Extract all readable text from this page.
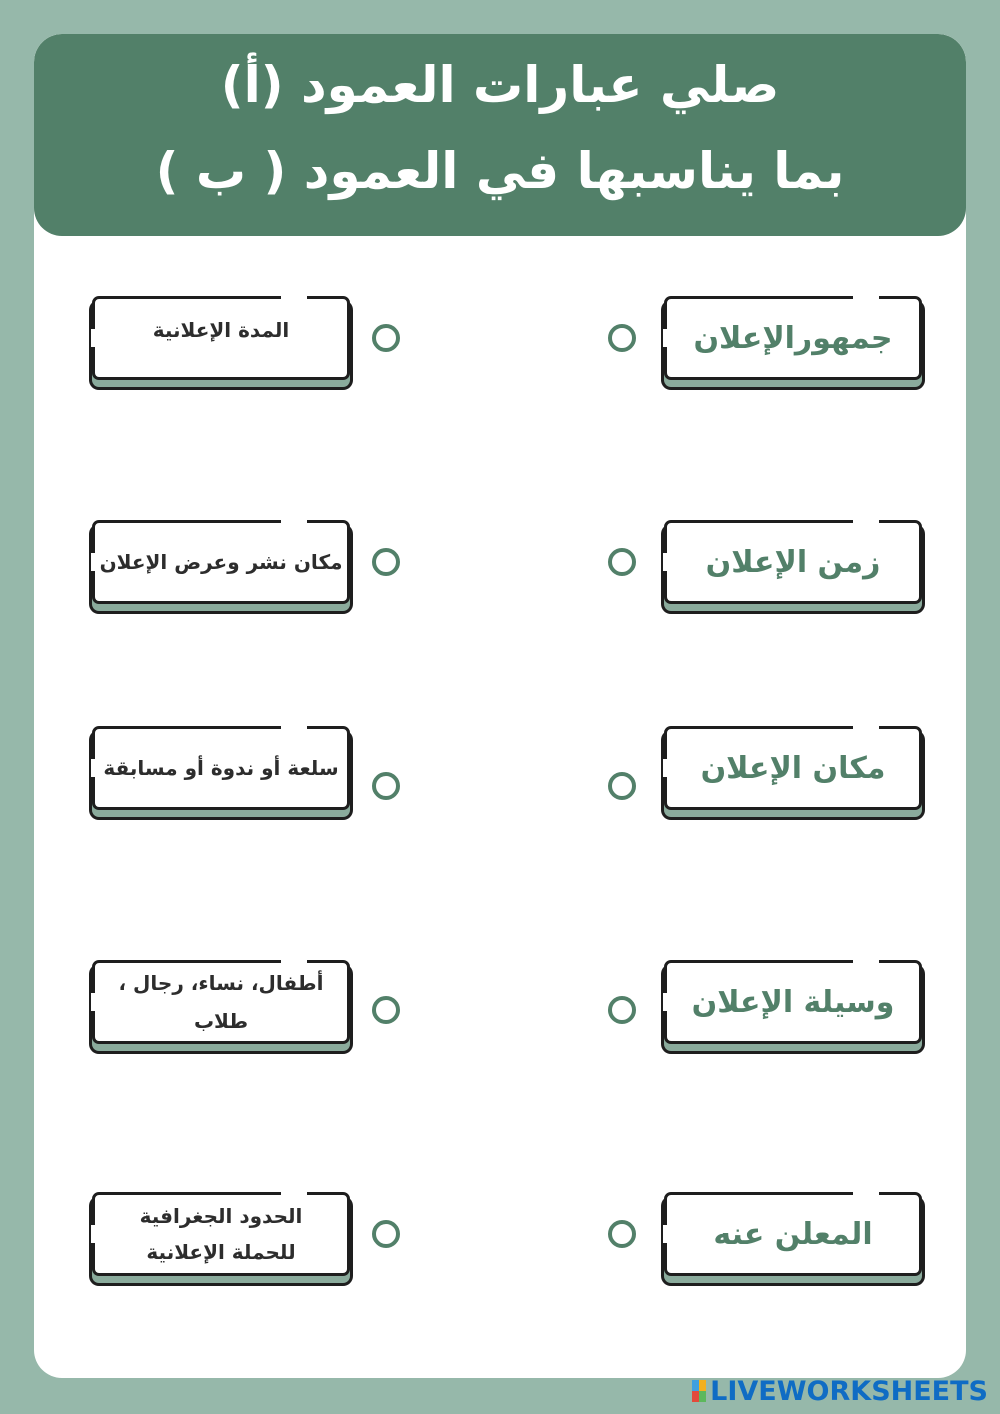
صلي عبارات العمود (أ)
بما يناسبها في العمود ( ب )
جمهورالإعلان
المدة الإعلانية
زمن الإعلان
مكان نشر وعرض الإعلان
مكان الإعلان
سلعة أو ندوة أو مسابقة
وسيلة الإعلان
أطفال، نساء، رجال ، طلاب
المعلن عنه
الحدود الجغرافية
للحملة الإعلانية
LIVEWORKSHEETS
